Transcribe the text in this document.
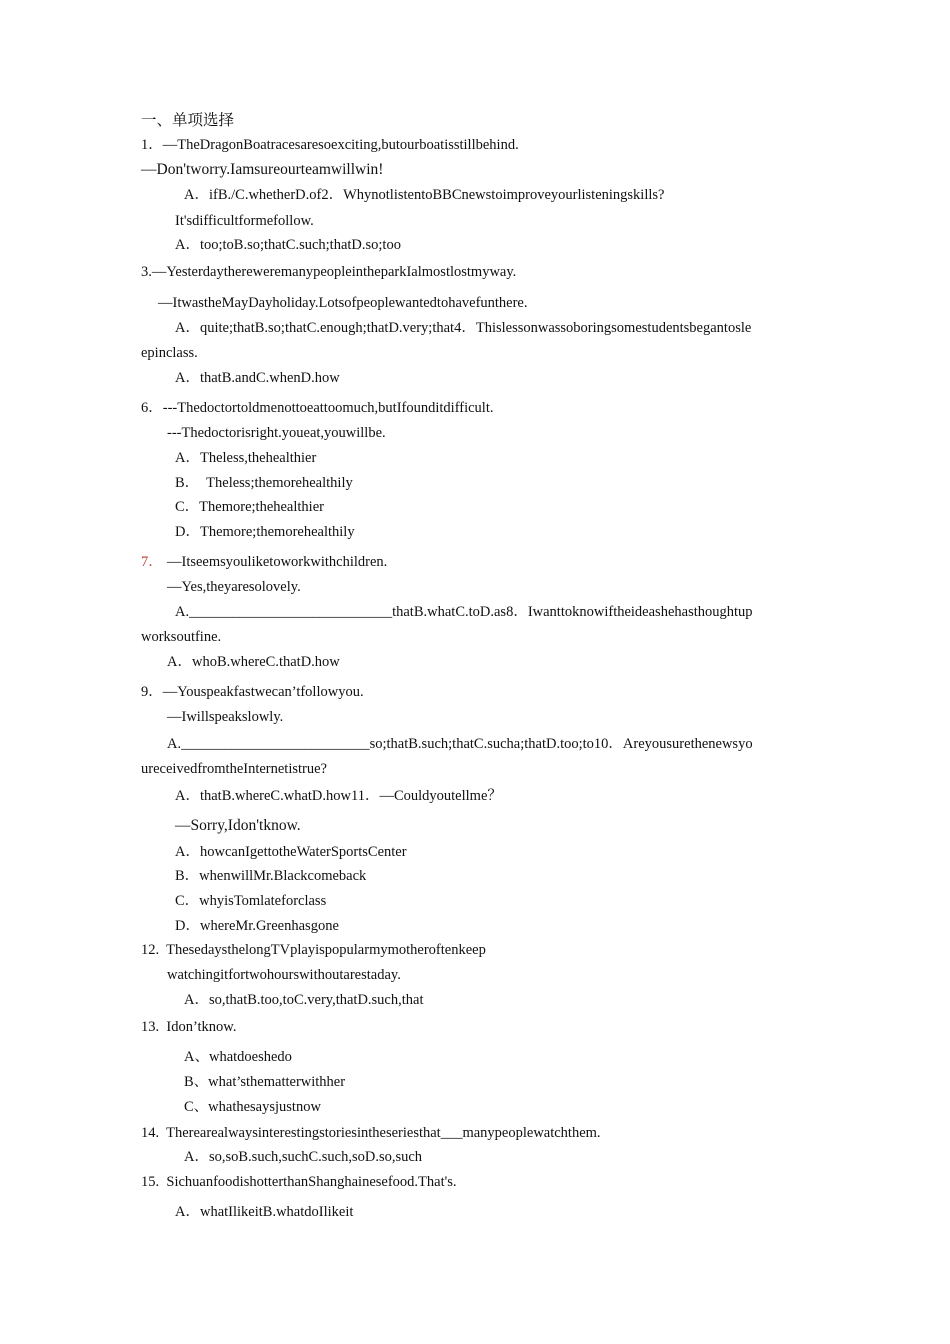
一、单项选择
1．—TheDragonBoatracesaresoexciting,butourboatisstillbehind.
—Don'tworry.Iamsureourteamwillwin!
A．ifB./C.whetherD.of2．WhynotlistentoBBCnewstoimproveyourlisteningskills?
It'sdifficultformefollow.
A．too;toB.so;thatC.such;thatD.so;too
3.—YesterdaythereweremanypeopleintheparkIalmostlostmyway.
—ItwastheMayDayholiday.Lotsofpeoplewantedtohavefunthere.
A．quite;thatB.so;thatC.enough;thatD.very;that4．Thislessonwassoboringsomestudentsbegantosle
epinclass.
A．thatB.andC.whenD.how
6．---Thedoctortoldmenottoeattoomuch,butIfounditdifficult.
---Thedoctorisright.youeat,youwillbe.
A．Theless,thehealthier
B．  Theless;themorehealthily
C．Themore;thehealthier
D．Themore;themorehealthily
7． —Itseemsyouliketoworkwithchildren.
—Yes,theyaresolovely.
A.____________________________thatB.whatC.toD.as8．Iwanttoknowiftheideashehasthoughtup
worksoutfine.
A．whoB.whereC.thatD.how
9．—Youspeakfastwecan’tfollowyou.
—Iwillspeakslowly.
A.__________________________so;thatB.such;thatC.sucha;thatD.too;to10．Areyousurethenewsyo
ureceivedfromtheInternetistrue?
A．thatB.whereC.whatD.how11．—Couldyoutellme？
—Sorry,Idon'tknow.
A．howcanIgettotheWaterSportsCenter
B．whenwillMr.Blackcomeback
C．whyisTomlateforclass
D．whereMr.Greenhasgone
12.  ThesedaysthelongTVplayispopularmymotheroftenkeep
watchingitfortwohourswithoutarestaday.
A．so,thatB.too,toC.very,thatD.such,that
13.  Idon’tknow.
A、whatdoeshedo
B、what’sthematterwithher
C、whathesaysjustnow
14.  Therearealwaysinterestingstoriesintheseriesthat___manypeoplewatchthem.
A．so,soB.such,suchC.such,soD.so,such
15.  SichuanfoodishotterthanShanghainesefood.That's.
A．whatIlikeitB.whatdoIlikeit
